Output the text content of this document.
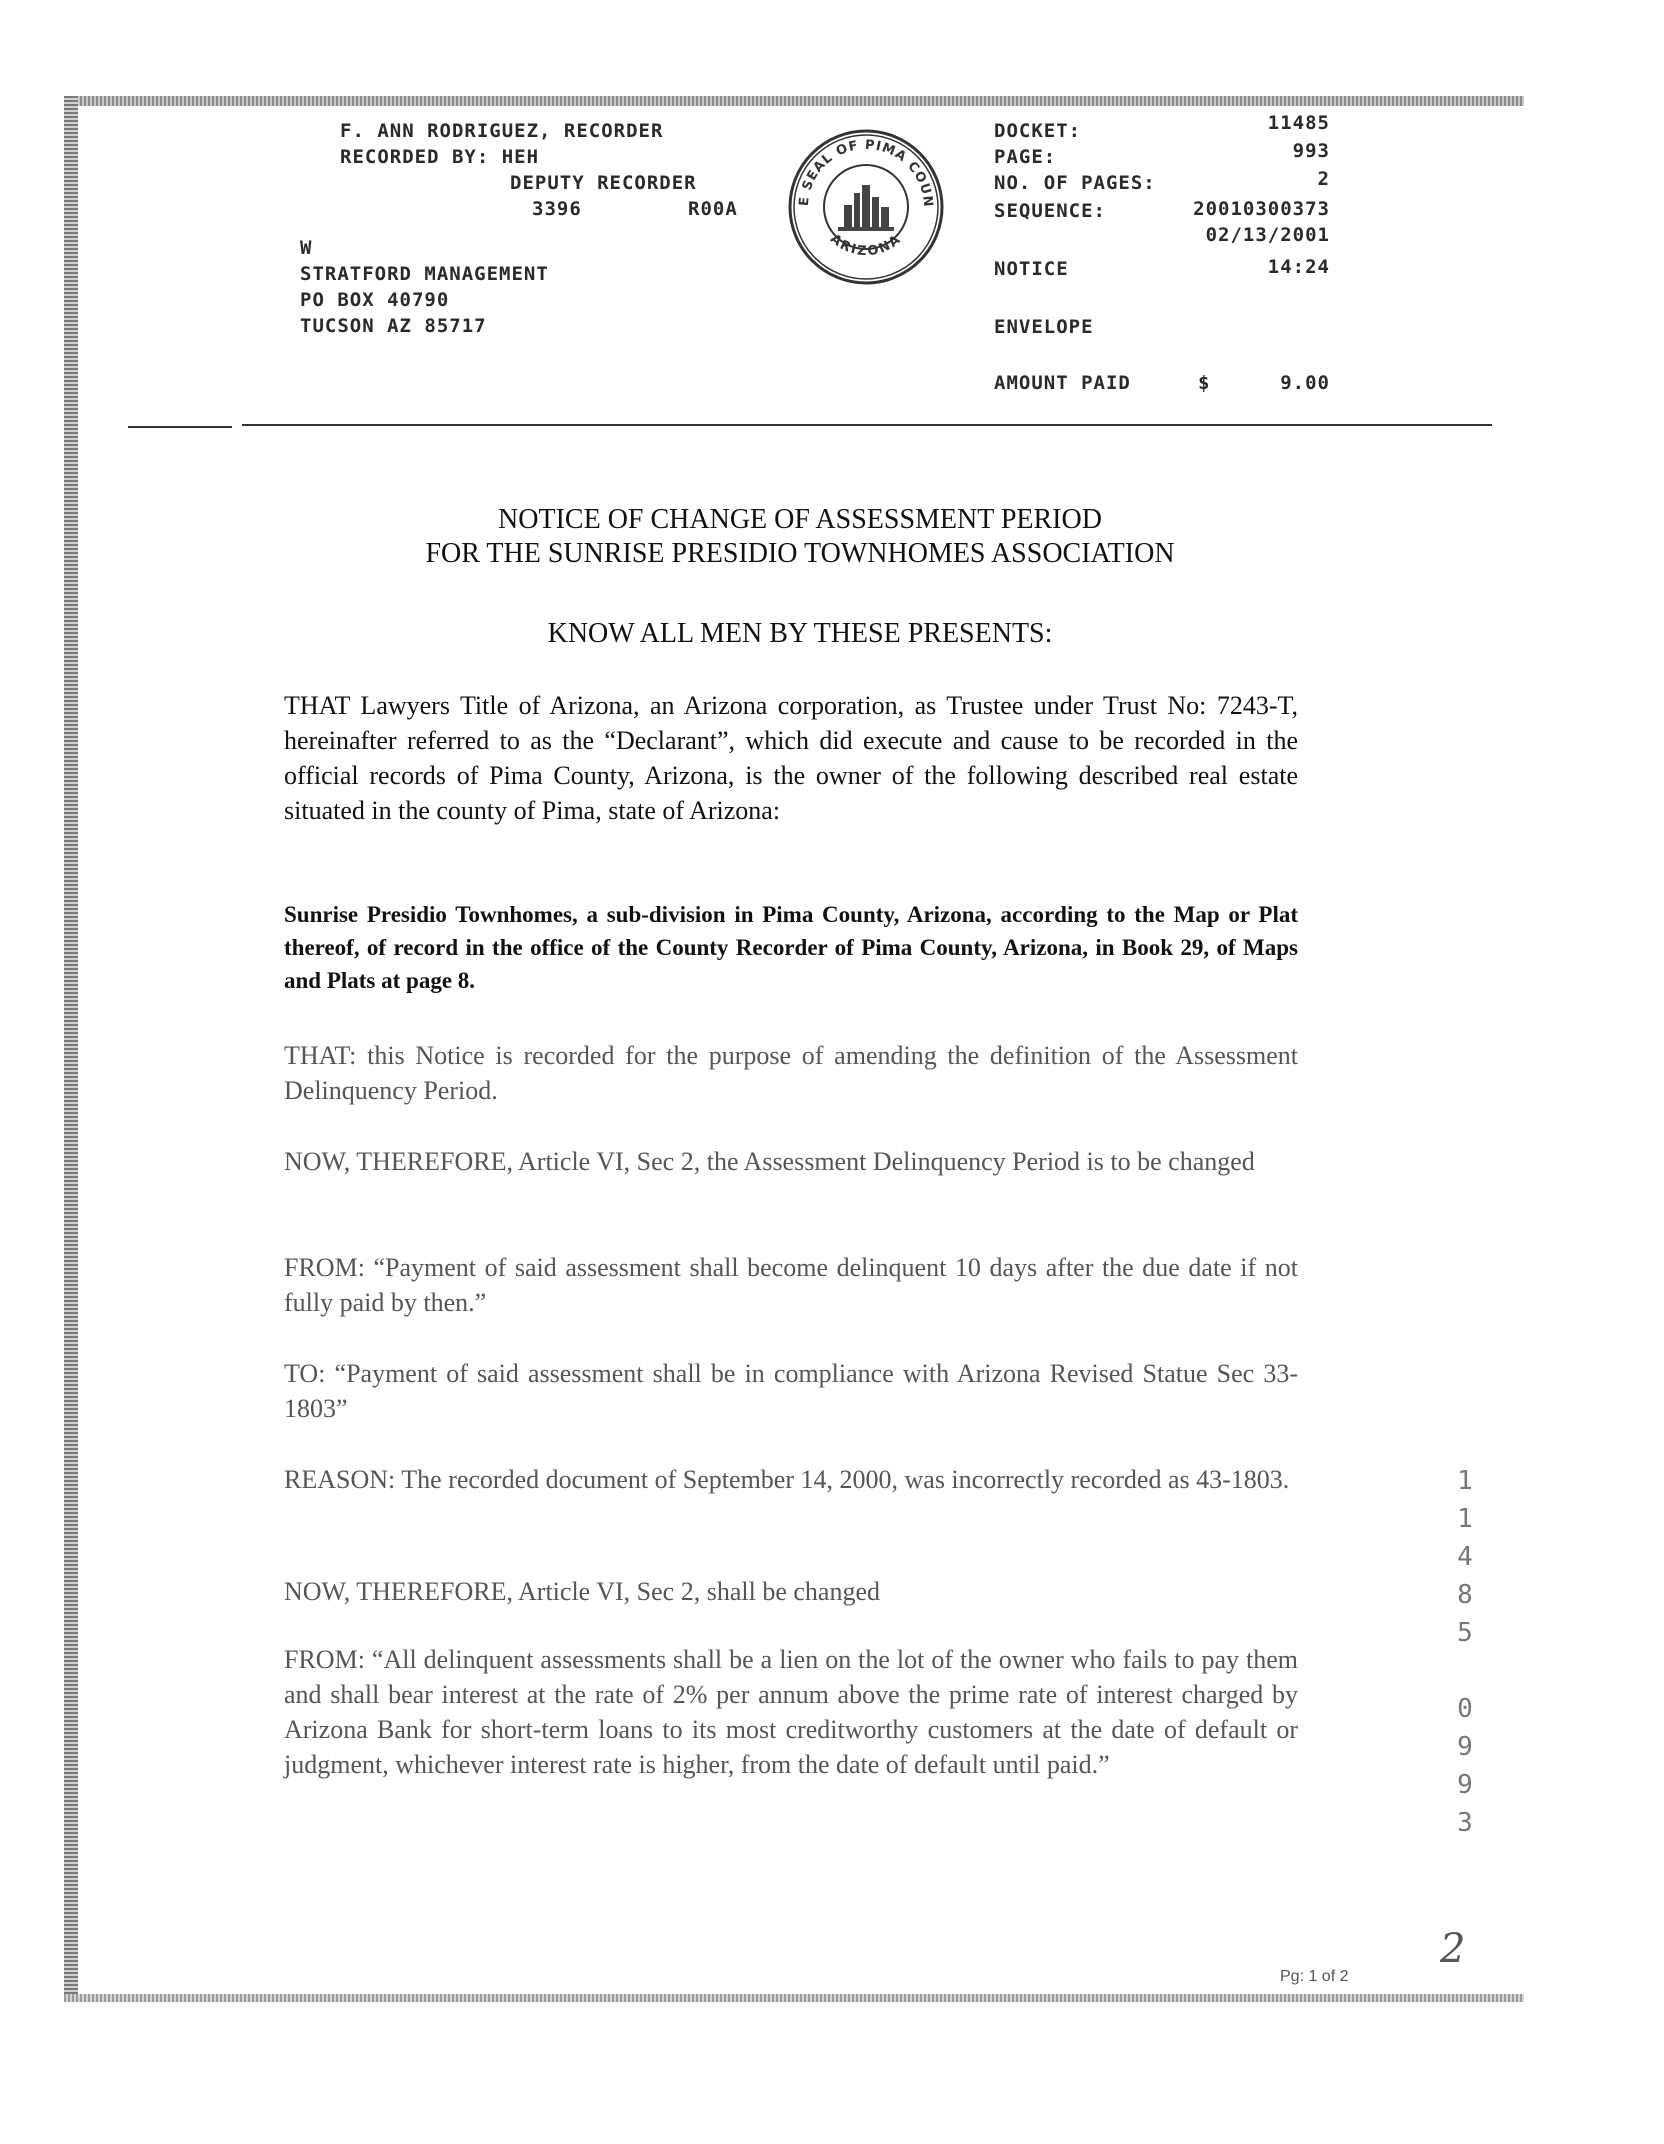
F. ANN RODRIGUEZ, RECORDER
RECORDED BY: HEH
DEPUTY RECORDER
3396	R00A
W
STRATFORD MANAGEMENT
PO BOX 40790
TUCSON AZ 85717
E SEAL OF PIMA COUN
ARIZONA
DOCKET:	11485
PAGE:	993
NO. OF PAGES:	2
SEQUENCE:	20010300373
02/13/2001
NOTICE	14:24
ENVELOPE
AMOUNT PAID	$	9.00
NOTICE OF CHANGE OF ASSESSMENT PERIOD
FOR THE SUNRISE PRESIDIO TOWNHOMES ASSOCIATION
KNOW ALL MEN BY THESE PRESENTS:
THAT Lawyers Title of Arizona, an Arizona corporation, as Trustee under Trust No: 7243-T, hereinafter referred to as the “Declarant”, which did execute and cause to be recorded in the official records of Pima County, Arizona, is the owner of the following described real estate situated in the county of Pima, state of Arizona:
Sunrise Presidio Townhomes, a sub-division in Pima County, Arizona, according to the Map or Plat thereof, of record in the office of the County Recorder of Pima County, Arizona, in Book 29, of Maps and Plats at page 8.
THAT: this Notice is recorded for the purpose of amending the definition of the Assessment Delinquency Period.
NOW, THEREFORE, Article VI, Sec 2, the Assessment Delinquency Period is to be changed
FROM: “Payment of said assessment shall become delinquent 10 days after the due date if not fully paid by then.”
TO: “Payment of said assessment shall be in compliance with Arizona Revised Statue Sec 33-1803”
REASON: The recorded document of September 14, 2000, was incorrectly recorded as 43-1803.
NOW, THEREFORE, Article VI, Sec 2, shall be changed
FROM: “All delinquent assessments shall be a lien on the lot of the owner who fails to pay them and shall bear interest at the rate of 2% per annum above the prime rate of interest charged by Arizona Bank for short-term loans to its most creditworthy customers at the date of default or judgment, whichever interest rate is higher, from the date of default until paid.”
1
1
4
8
5

0
9
9
3
2
Pg: 1 of 2
